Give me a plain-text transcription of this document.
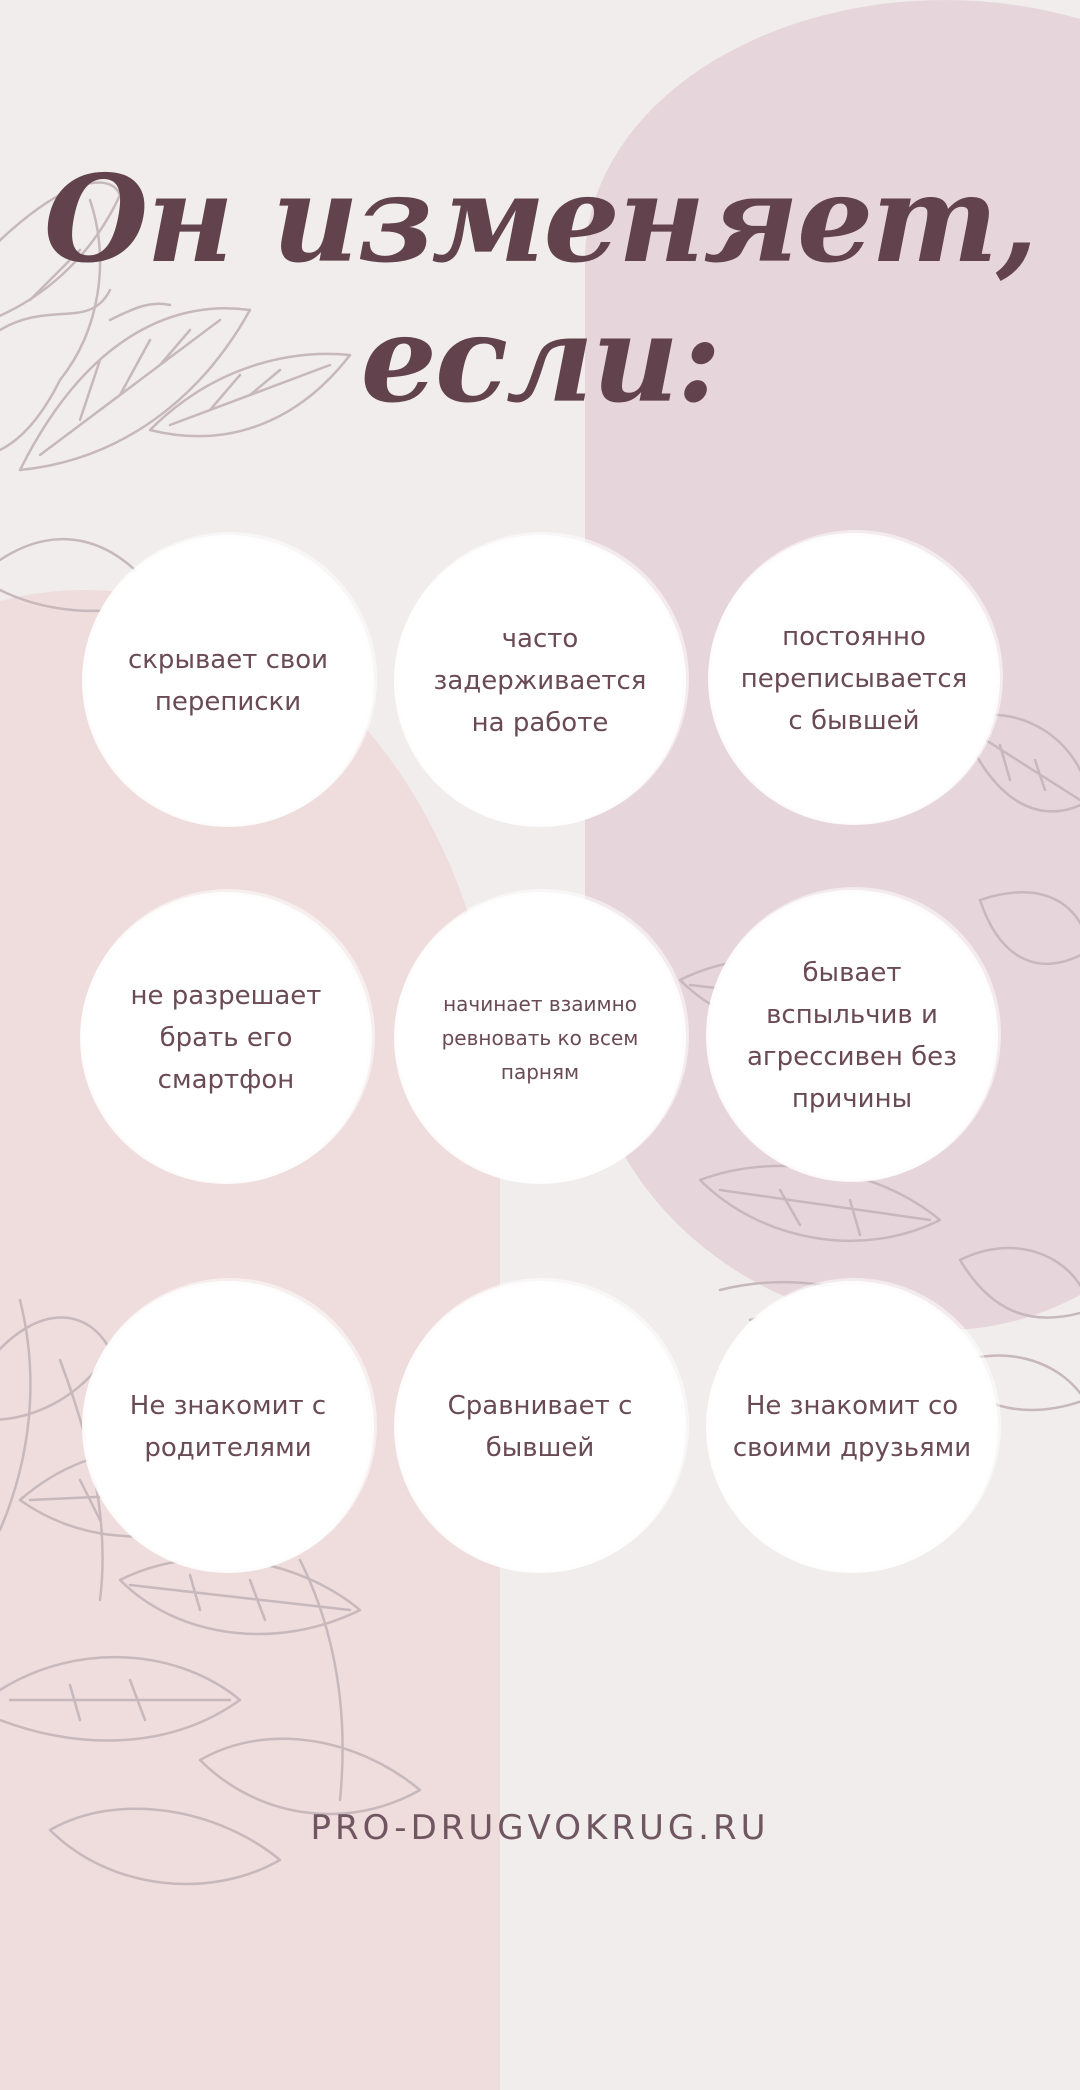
Он изменяет,
если:
скрывает свои переписки
часто задерживается на работе
постоянно переписывается с бывшей
не разрешает брать его смартфон
начинает взаимно ревновать ко всем парням
бывает вспыльчив и агрессивен без причины
Не знакомит с родителями
Сравнивает с бывшей
Не знакомит со своими друзьями
PRO-DRUGVOKRUG.RU
